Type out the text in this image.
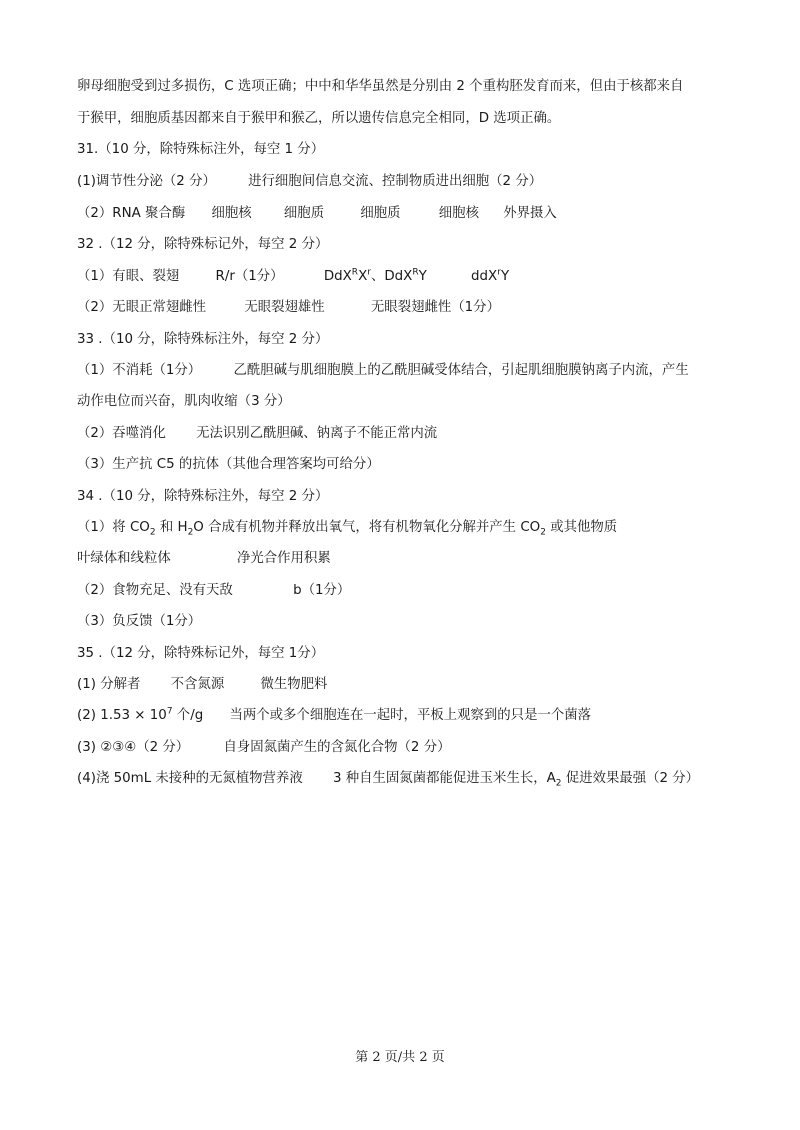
卵母细胞受到过多损伤，C 选项正确；中中和华华虽然是分别由 2 个重构胚发育而来，但由于核都来自
于猴甲，细胞质基因都来自于猴甲和猴乙，所以遗传信息完全相同，D 选项正确。
31.（10 分，除特殊标注外，每空 1 分）
(1)调节性分泌（2 分） 进行细胞间信息交流、控制物质进出细胞（2 分）
（2）RNA 聚合酶 细胞核 细胞质	细胞质	细胞核 外界摄入
32 .（12 分，除特殊标记外，每空 2 分）
（1）有眼、裂翅	R/r（1分）	$DdX^RX^r$、DdX$^R$Y	ddX$^r$Y
（2）无眼正常翅雌性	无眼裂翅雄性	无眼裂翅雌性（1分）
33 .（10 分，除特殊标注外，每空 2 分）
（1）不消耗（1分） 乙酰胆碱与肌细胞膜上的乙酰胆碱受体结合，引起肌细胞膜钠离子内流，产生
动作电位而兴奋，肌肉收缩（3 分）
（2）吞噬消化 无法识别乙酰胆碱、钠离子不能正常内流
（3）生产抗 C5 的抗体（其他合理答案均可给分）
34 .（10 分，除特殊标注外，每空 2 分）
（1）将 $CO_2$ 和 $H_2O$ 合成有机物并释放出氧气，将有机物氧化分解并产生 $CO_2$ 或其他物质
叶绿体和线粒体	净光合作用积累
（2）食物充足、没有天敌	b（1分）
（3）负反馈（1分）
35 .（12 分，除特殊标记外，每空 1分）
(1) 分解者 不含氮源	微生物肥料
(2) $1.53 \times 10^7$ 个/g 当两个或多个细胞连在一起时，平板上观察到的只是一个菌落
(3) ②③④（2 分）	自身固氮菌产生的含氮化合物（2 分）
(4)浇 50mL 未接种的无氮植物营养液 3 种自生固氮菌都能促进玉米生长，$A_2$ 促进效果最强（2 分）
第 2 页/共 2 页
